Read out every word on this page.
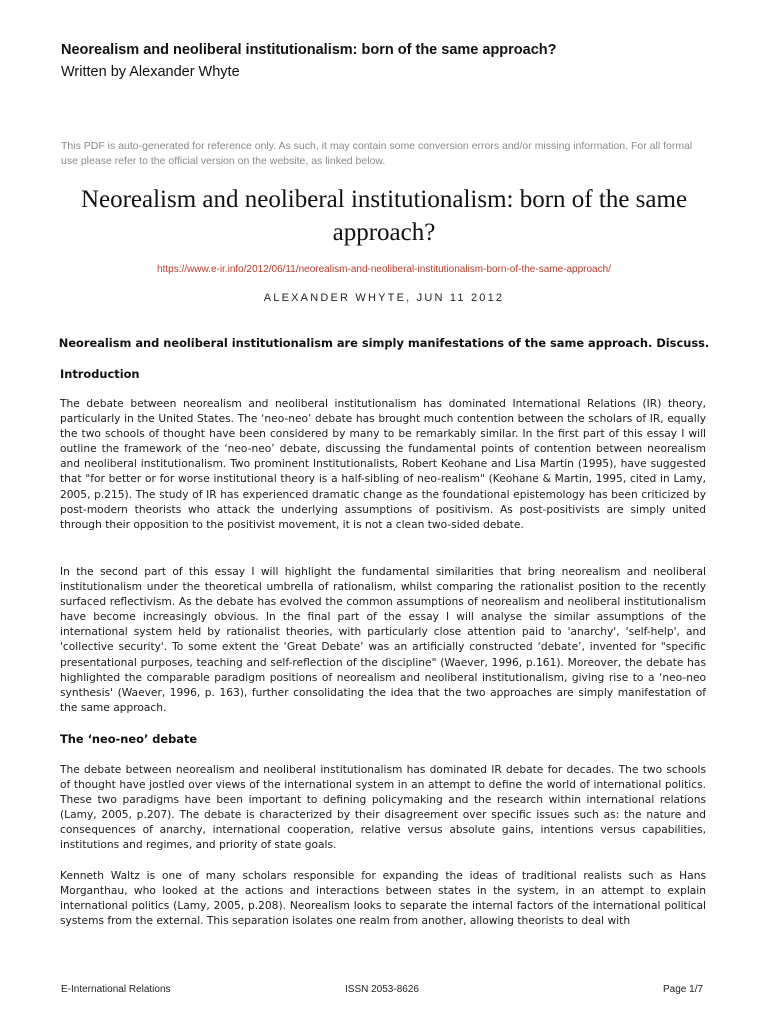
Neorealism and neoliberal institutionalism: born of the same approach?
Written by Alexander Whyte
This PDF is auto-generated for reference only. As such, it may contain some conversion errors and/or missing information. For all formal use please refer to the official version on the website, as linked below.
Neorealism and neoliberal institutionalism: born of the same approach?
https://www.e-ir.info/2012/06/11/neorealism-and-neoliberal-institutionalism-born-of-the-same-approach/
ALEXANDER WHYTE, JUN 11 2012
Neorealism and neoliberal institutionalism are simply manifestations of the same approach. Discuss.
Introduction
The debate between neorealism and neoliberal institutionalism has dominated International Relations (IR) theory, particularly in the United States. The ‘neo-neo’ debate has brought much contention between the scholars of IR, equally the two schools of thought have been considered by many to be remarkably similar. In the first part of this essay I will outline the framework of the ‘neo-neo’ debate, discussing the fundamental points of contention between neorealism and neoliberal institutionalism. Two prominent Institutionalists, Robert Keohane and Lisa Martin (1995), have suggested that "for better or for worse institutional theory is a half-sibling of neo-realism" (Keohane & Martin, 1995, cited in Lamy, 2005, p.215). The study of IR has experienced dramatic change as the foundational epistemology has been criticized by post-modern theorists who attack the underlying assumptions of positivism. As post-positivists are simply united through their opposition to the positivist movement, it is not a clean two-sided debate.
In the second part of this essay I will highlight the fundamental similarities that bring neorealism and neoliberal institutionalism under the theoretical umbrella of rationalism, whilst comparing the rationalist position to the recently surfaced reflectivism. As the debate has evolved the common assumptions of neorealism and neoliberal institutionalism have become increasingly obvious. In the final part of the essay I will analyse the similar assumptions of the international system held by rationalist theories, with particularly close attention paid to 'anarchy', 'self-help', and 'collective security'. To some extent the ‘Great Debate’ was an artificially constructed ‘debate’, invented for "specific presentational purposes, teaching and self-reflection of the discipline" (Waever, 1996, p.161). Moreover, the debate has highlighted the comparable paradigm positions of neorealism and neoliberal institutionalism, giving rise to a ‘neo-neo synthesis' (Waever, 1996, p. 163), further consolidating the idea that the two approaches are simply manifestation of the same approach.
The ‘neo-neo’ debate
The debate between neorealism and neoliberal institutionalism has dominated IR debate for decades. The two schools of thought have jostled over views of the international system in an attempt to define the world of international politics. These two paradigms have been important to defining policymaking and the research within international relations (Lamy, 2005, p.207). The debate is characterized by their disagreement over specific issues such as: the nature and consequences of anarchy, international cooperation, relative versus absolute gains, intentions versus capabilities, institutions and regimes, and priority of state goals.
Kenneth Waltz is one of many scholars responsible for expanding the ideas of traditional realists such as Hans Morganthau, who looked at the actions and interactions between states in the system, in an attempt to explain international politics (Lamy, 2005, p.208). Neorealism looks to separate the internal factors of the international political systems from the external. This separation isolates one realm from another, allowing theorists to deal with
E-International Relations	ISSN 2053-8626	Page 1/7
